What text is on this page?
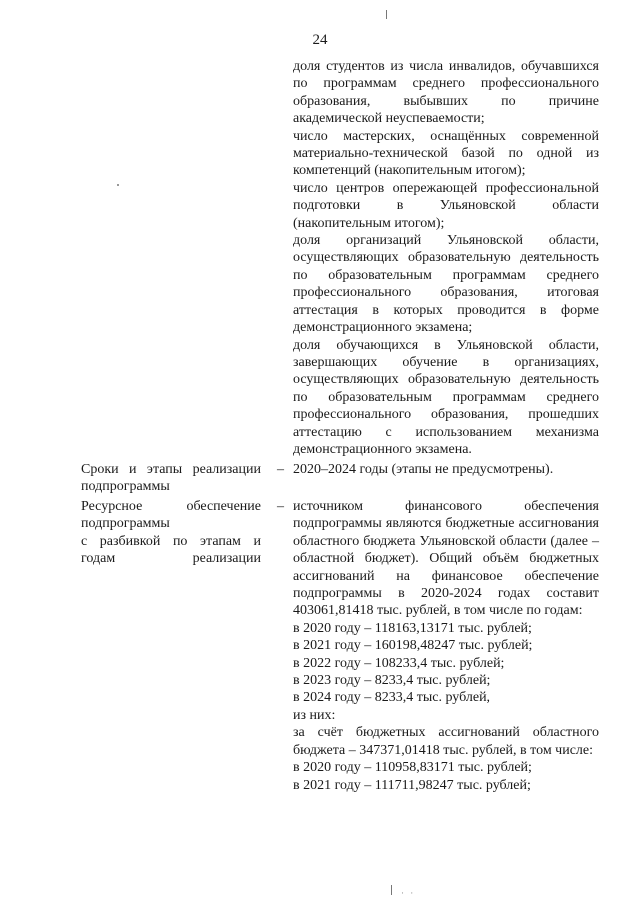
24

доля студентов из числа инвалидов, обучавшихся по программам среднего профессионального образования, выбывших по причине академической неуспеваемости;

число мастерских, оснащённых современной материально-технической базой по одной из компетенций (накопительным итогом);

число центров опережающей профессиональной подготовки в Ульяновской области (накопительным итогом);

доля организаций Ульяновской области, осуществляющих образовательную деятельность по образовательным программам среднего профессионального образования, итоговая аттестация в которых проводится в форме демонстрационного экзамена;

доля обучающихся в Ульяновской области, завершающих обучение в организациях, осуществляющих образовательную деятельность по образовательным программам среднего профессионального образования, прошедших аттестацию с использованием механизма демонстрационного экзамена.

Сроки и этапы реализации подпрограммы

– 2020–2024 годы (этапы не предусмотрены).

Ресурсное обеспечение подпрограммы

с разбивкой по этапам и годам реализации

– источником финансового обеспечения подпрограммы являются бюджетные ассигнования областного бюджета Ульяновской области (далее – областной бюджет). Общий объём бюджетных ассигнований на финансовое обеспечение подпрограммы в 2020-2024 годах составит 403061,81418 тыс. рублей, в том числе по годам:

в 2020 году – 118163,13171 тыс. рублей;

в 2021 году – 160198,48247 тыс. рублей;

в 2022 году – 108233,4 тыс. рублей;

в 2023 году – 8233,4 тыс. рублей;

в 2024 году – 8233,4 тыс. рублей,

из них:

за счёт бюджетных ассигнований областного бюджета – 347371,01418 тыс. рублей, в том числе:

в 2020 году – 110958,83171 тыс. рублей;

в 2021 году – 111711,98247 тыс. рублей;

· ·
